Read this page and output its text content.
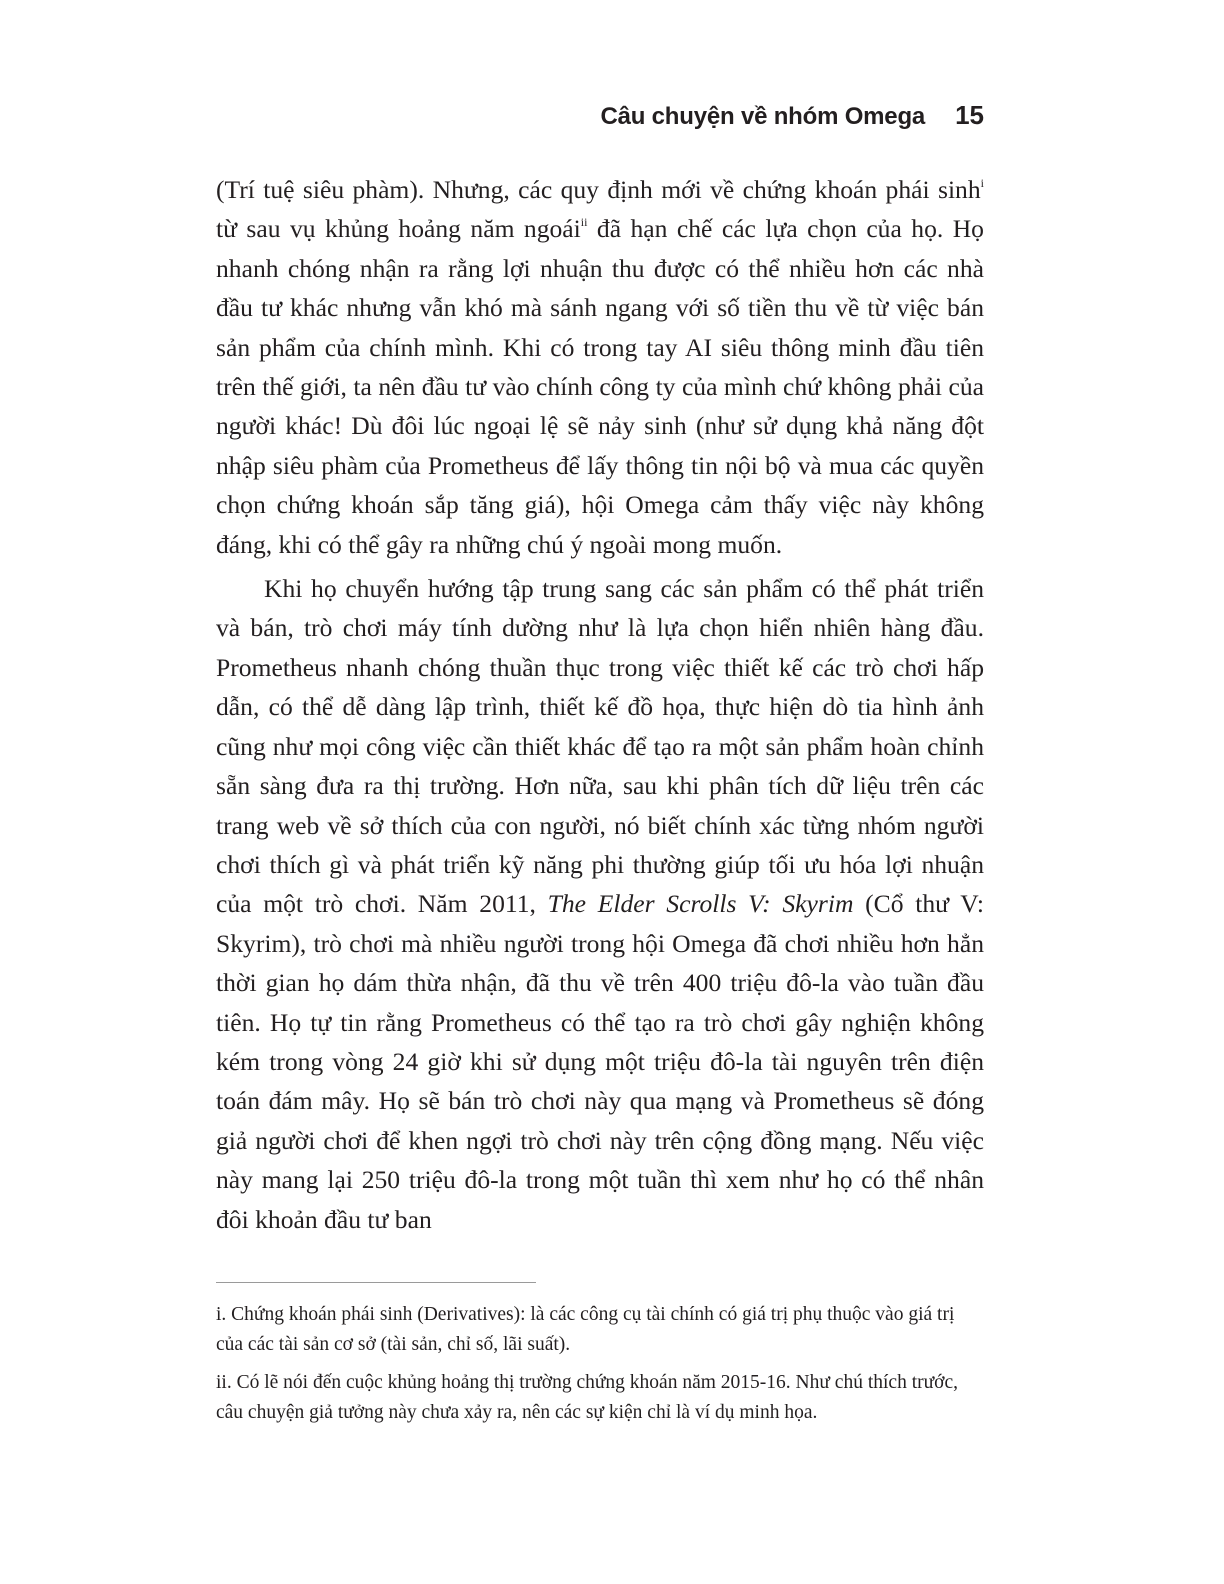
Câu chuyện về nhóm Omega 15

(Trí tuệ siêu phàm). Nhưng, các quy định mới về chứng khoán phái $\sinh^i$ từ sau vụ khủng hoảng năm ngoái$^{ii}$ đã hạn chế các lựa chọn của họ. Họ nhanh chóng nhận ra rằng lợi nhuận thu được có thể nhiều hơn các nhà đầu tư khác nhưng vẫn khó mà sánh ngang với số tiền thu về từ việc bán sản phẩm của chính mình. Khi có trong tay AI siêu thông minh đầu tiên trên thế giới, ta nên đầu tư vào chính công ty của mình chứ không phải của người khác! Dù đôi lúc ngoại lệ sẽ nảy sinh (như sử dụng khả năng đột nhập siêu phàm của Prometheus để lấy thông tin nội bộ và mua các quyền chọn chứng khoán sắp tăng giá), hội Omega cảm thấy việc này không đáng, khi có thể gây ra những chú ý ngoài mong muốn.

Khi họ chuyển hướng tập trung sang các sản phẩm có thể phát triển và bán, trò chơi máy tính dường như là lựa chọn hiển nhiên hàng đầu. Prometheus nhanh chóng thuần thục trong việc thiết kế các trò chơi hấp dẫn, có thể dễ dàng lập trình, thiết kế đồ họa, thực hiện dò tia hình ảnh cũng như mọi công việc cần thiết khác để tạo ra một sản phẩm hoàn chỉnh sẵn sàng đưa ra thị trường. Hơn nữa, sau khi phân tích dữ liệu trên các trang web về sở thích của con người, nó biết chính xác từng nhóm người chơi thích gì và phát triển kỹ năng phi thường giúp tối ưu hóa lợi nhuận của một trò chơi. Năm 2011, The Elder Scrolls V: Skyrim (Cổ thư V: Skyrim), trò chơi mà nhiều người trong hội Omega đã chơi nhiều hơn hẳn thời gian họ dám thừa nhận, đã thu về trên 400 triệu đô-la vào tuần đầu tiên. Họ tự tin rằng Prometheus có thể tạo ra trò chơi gây nghiện không kém trong vòng 24 giờ khi sử dụng một triệu đô-la tài nguyên trên điện toán đám mây. Họ sẽ bán trò chơi này qua mạng và Prometheus sẽ đóng giả người chơi để khen ngợi trò chơi này trên cộng đồng mạng. Nếu việc này mang lại 250 triệu đô-la trong một tuần thì xem như họ có thể nhân đôi khoản đầu tư ban

i. Chứng khoán phái sinh (Derivatives): là các công cụ tài chính có giá trị phụ thuộc vào giá trị của các tài sản cơ sở (tài sản, chỉ số, lãi suất).

ii. Có lẽ nói đến cuộc khủng hoảng thị trường chứng khoán năm 2015-16. Như chú thích trước, câu chuyện giả tưởng này chưa xảy ra, nên các sự kiện chỉ là ví dụ minh họa.
